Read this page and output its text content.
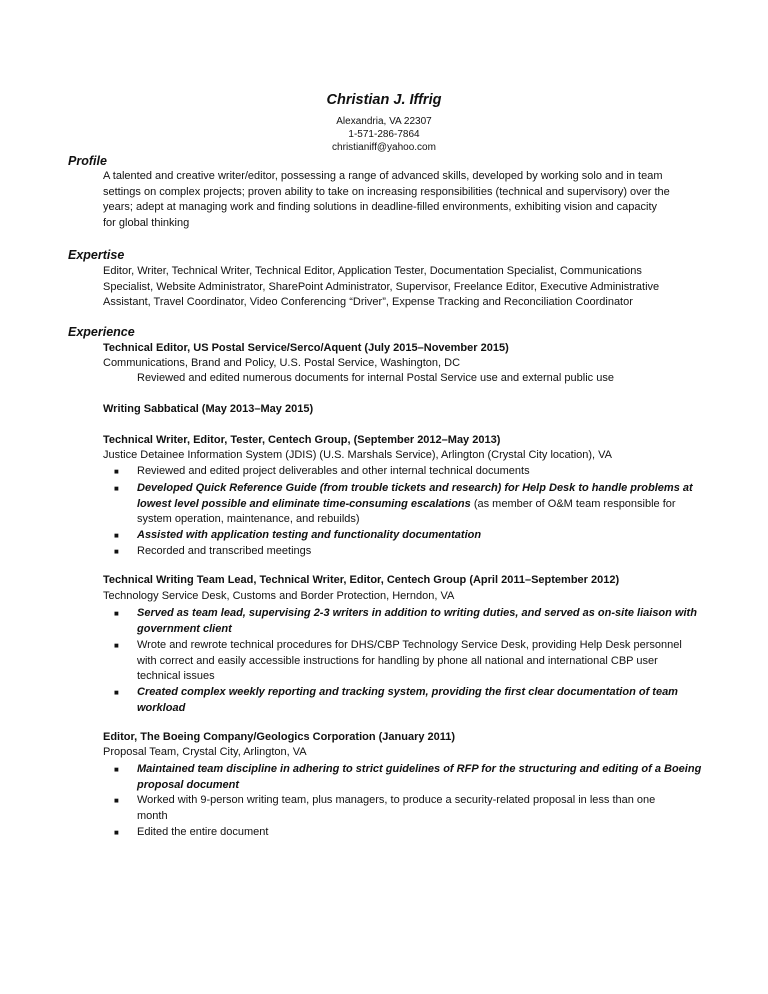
Christian J. Iffrig
Alexandria, VA 22307
1-571-286-7864
christianiff@yahoo.com
Profile
A talented and creative writer/editor, possessing a range of advanced skills, developed by working solo and in team
settings on complex projects; proven ability to take on increasing responsibilities (technical and supervisory) over the
years; adept at managing work and finding solutions in deadline-filled environments, exhibiting vision and capacity
for global thinking
Expertise
Editor, Writer, Technical Writer, Technical Editor, Application Tester, Documentation Specialist, Communications
Specialist, Website Administrator, SharePoint Administrator, Supervisor, Freelance Editor, Executive Administrative
Assistant, Travel Coordinator, Video Conferencing “Driver”, Expense Tracking and Reconciliation Coordinator
Experience
Technical Editor, US Postal Service/Serco/Aquent (July 2015–November 2015)
Communications, Brand and Policy, U.S. Postal Service, Washington, DC
Reviewed and edited numerous documents for internal Postal Service use and external public use
Writing Sabbatical (May 2013–May 2015)
Technical Writer, Editor, Tester, Centech Group, (September 2012–May 2013)
Justice Detainee Information System (JDIS) (U.S. Marshals Service), Arlington (Crystal City location), VA
■ Reviewed and edited project deliverables and other internal technical documents
■ Developed Quick Reference Guide (from trouble tickets and research) for Help Desk to handle problems at
lowest level possible and eliminate time-consuming escalations (as member of O&M team responsible for
system operation, maintenance, and rebuilds)
■ Assisted with application testing and functionality documentation
■ Recorded and transcribed meetings
Technical Writing Team Lead, Technical Writer, Editor, Centech Group (April 2011–September 2012)
Technology Service Desk, Customs and Border Protection, Herndon, VA
■ Served as team lead, supervising 2-3 writers in addition to writing duties, and served as on-site liaison with
government client
■ Wrote and rewrote technical procedures for DHS/CBP Technology Service Desk, providing Help Desk personnel
with correct and easily accessible instructions for handling by phone all national and international CBP user
technical issues
■ Created complex weekly reporting and tracking system, providing the first clear documentation of team
workload
Editor, The Boeing Company/Geologics Corporation (January 2011)
Proposal Team, Crystal City, Arlington, VA
■ Maintained team discipline in adhering to strict guidelines of RFP for the structuring and editing of a Boeing
proposal document
■ Worked with 9-person writing team, plus managers, to produce a security-related proposal in less than one
month
■ Edited the entire document
